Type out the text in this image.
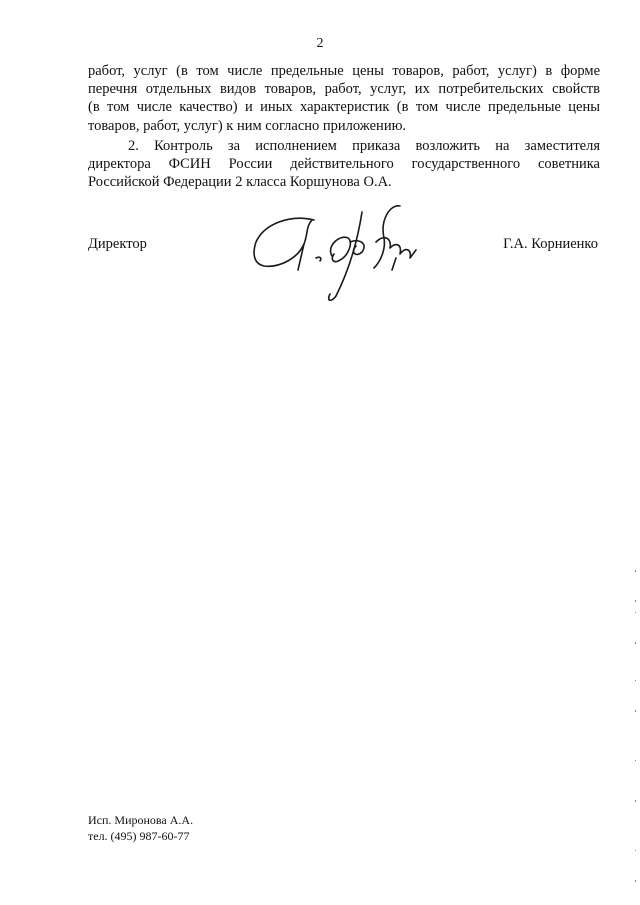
2
работ, услуг (в том числе предельные цены товаров, работ, услуг) в форме
перечня отдельных видов товаров, работ, услуг, их потребительских свойств
(в том числе качество) и иных характеристик (в том числе предельные цены
товаров, работ, услуг) к ним согласно приложению.
2. Контроль за исполнением приказа возложить на заместителя
директора ФСИН России действительного государственного советника
Российской Федерации 2 класса Коршунова О.А.
Директор	Г.А. Корниенко
Исп. Миронова А.А.
тел. (495) 987-60-77
